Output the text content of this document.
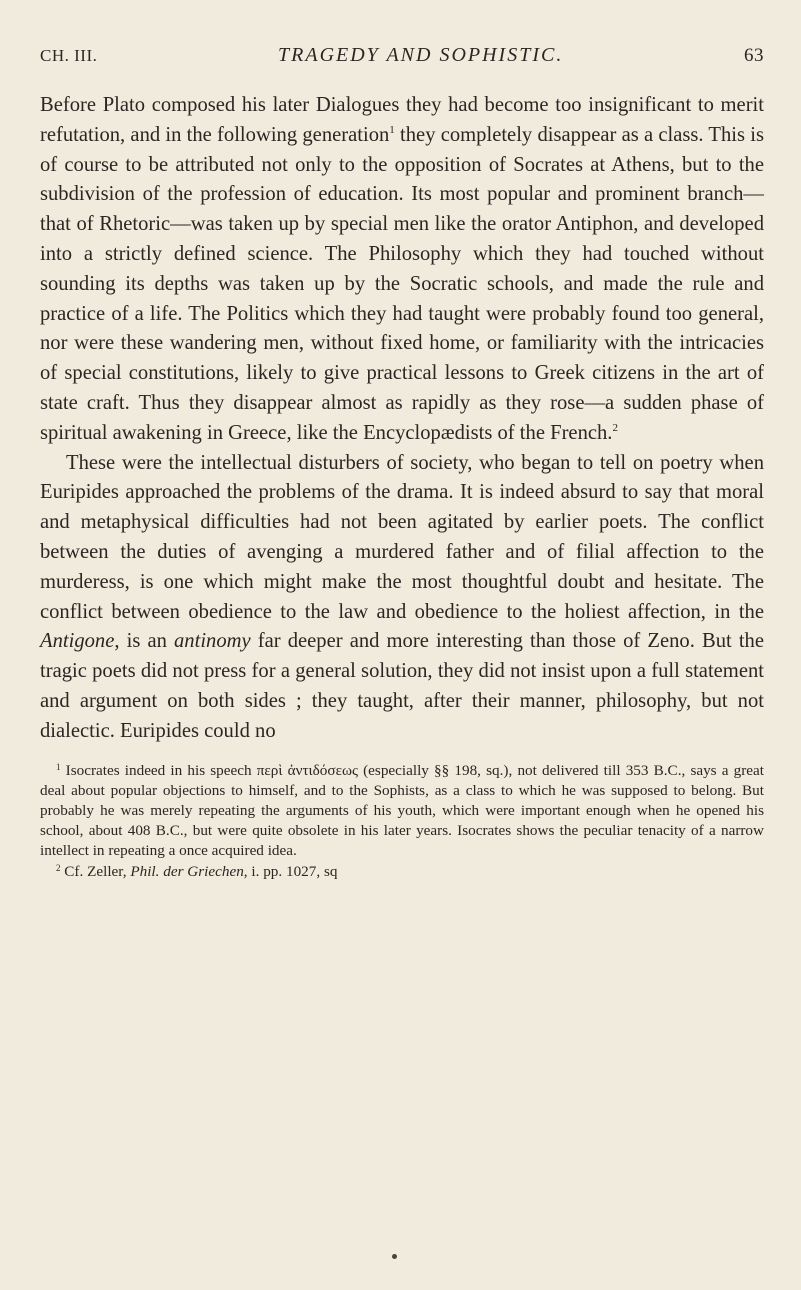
CH. III.	TRAGEDY AND SOPHISTIC.	63

Before Plato composed his later Dialogues they had become too insignificant to merit refutation, and in the following generation$^1$ they completely disappear as a class. This is of course to be attributed not only to the opposition of Socrates at Athens, but to the subdivision of the profession of education. Its most popular and prominent branch—that of Rhetoric—was taken up by special men like the orator Antiphon, and developed into a strictly defined science. The Philosophy which they had touched without sounding its depths was taken up by the Socratic schools, and made the rule and practice of a life. The Politics which they had taught were probably found too general, nor were these wandering men, without fixed home, or familiarity with the intricacies of special constitutions, likely to give practical lessons to Greek citizens in the art of state craft. Thus they disappear almost as rapidly as they rose—a sudden phase of spiritual awakening in Greece, like the Encyclopædists of the French.$^2$

These were the intellectual disturbers of society, who began to tell on poetry when Euripides approached the problems of the drama. It is indeed absurd to say that moral and metaphysical difficulties had not been agitated by earlier poets. The conflict between the duties of avenging a murdered father and of filial affection to the murderess, is one which might make the most thoughtful doubt and hesitate. The conflict between obedience to the law and obedience to the holiest affection, in the Antigone, is an antinomy far deeper and more interesting than those of Zeno. But the tragic poets did not press for a general solution, they did not insist upon a full statement and argument on both sides ; they taught, after their manner, philosophy, but not dialectic. Euripides could no

$^1$ Isocrates indeed in his speech περὶ ἀντιδόσεως (especially §§ 198, sq.), not delivered till 353 B.C., says a great deal about popular objections to himself, and to the Sophists, as a class to which he was supposed to belong. But probably he was merely repeating the arguments of his youth, which were important enough when he opened his school, about 408 B.C., but were quite obsolete in his later years. Isocrates shows the peculiar tenacity of a narrow intellect in repeating a once acquired idea.

$^2$ Cf. Zeller, Phil. der Griechen, i. pp. 1027, sq
